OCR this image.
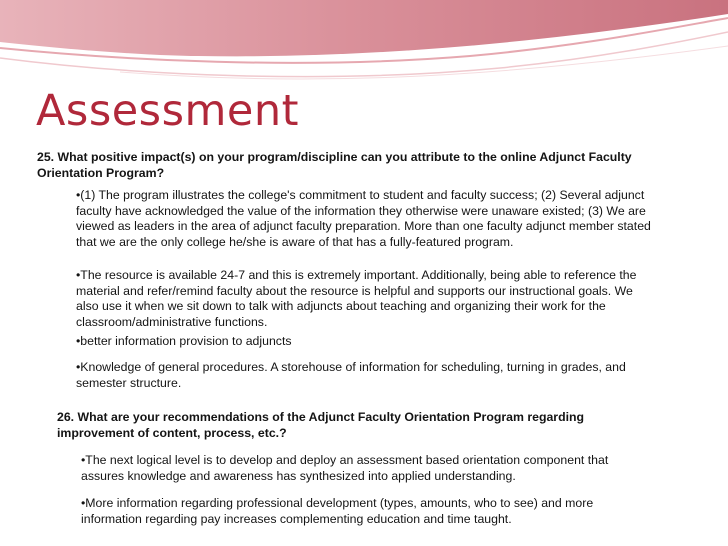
Assessment
25. What positive impact(s) on your program/discipline can you attribute to the online Adjunct Faculty Orientation Program?
•(1) The program illustrates the college's commitment to student and faculty success; (2) Several adjunct faculty have acknowledged the value of the information they otherwise were unaware existed; (3) We are viewed as leaders in the area of adjunct faculty preparation. More than one faculty adjunct member stated that we are the only college he/she is aware of that has a fully-featured program.
•The resource is available 24-7 and this is extremely important. Additionally, being able to reference the material and refer/remind faculty about the resource is helpful and supports our instructional goals. We also use it when we sit down to talk with adjuncts about teaching and organizing their work for the classroom/administrative functions.
•better information provision to adjuncts
•Knowledge of general procedures. A storehouse of information for scheduling, turning in grades, and semester structure.
26. What are your recommendations of the Adjunct Faculty Orientation Program regarding improvement of content, process, etc.?
•The next logical level is to develop and deploy an assessment based orientation component that assures knowledge and awareness has synthesized into applied understanding.
•More information regarding professional development (types, amounts, who to see) and more information regarding pay increases complementing education and time taught.
